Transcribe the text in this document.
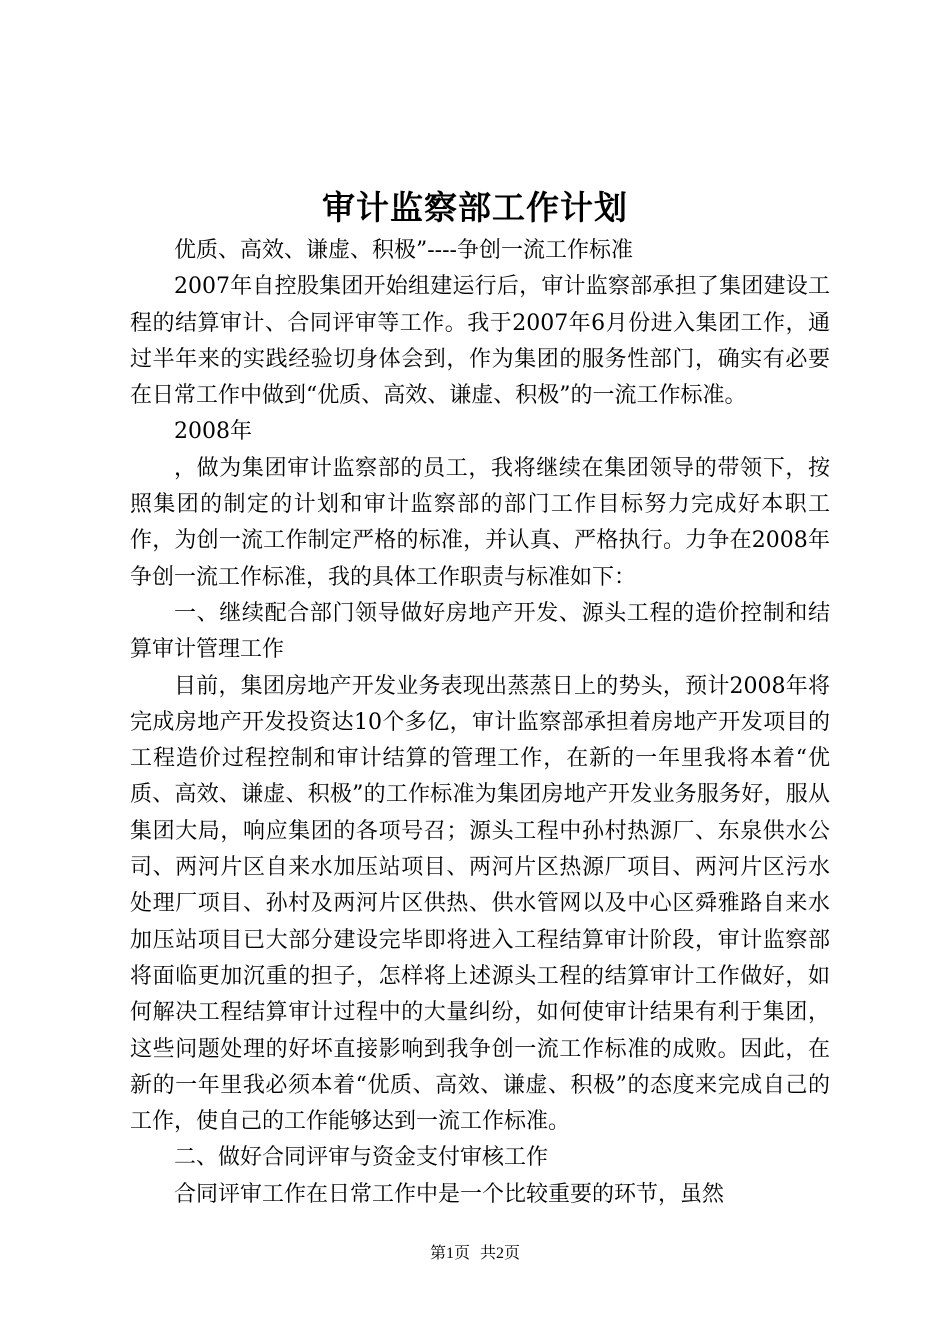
审计监察部工作计划

优质、高效、谦虚、积极”----争创一流工作标准

2007年自控股集团开始组建运行后，审计监察部承担了集团建设工程的结算审计、合同评审等工作。我于2007年6月份进入集团工作，通过半年来的实践经验切身体会到，作为集团的服务性部门，确实有必要在日常工作中做到“优质、高效、谦虚、积极”的一流工作标准。

2008年

，做为集团审计监察部的员工，我将继续在集团领导的带领下，按照集团的制定的计划和审计监察部的部门工作目标努力完成好本职工作，为创一流工作制定严格的标准，并认真、严格执行。力争在2008年争创一流工作标准，我的具体工作职责与标准如下：

一、继续配合部门领导做好房地产开发、源头工程的造价控制和结算审计管理工作

目前，集团房地产开发业务表现出蒸蒸日上的势头，预计2008年将完成房地产开发投资达10个多亿，审计监察部承担着房地产开发项目的工程造价过程控制和审计结算的管理工作，在新的一年里我将本着“优质、高效、谦虚、积极”的工作标准为集团房地产开发业务服务好，服从集团大局，响应集团的各项号召；源头工程中孙村热源厂、东泉供水公司、两河片区自来水加压站项目、两河片区热源厂项目、两河片区污水处理厂项目、孙村及两河片区供热、供水管网以及中心区舜雅路自来水加压站项目已大部分建设完毕即将进入工程结算审计阶段，审计监察部将面临更加沉重的担子，怎样将上述源头工程的结算审计工作做好，如何解决工程结算审计过程中的大量纠纷，如何使审计结果有利于集团，这些问题处理的好坏直接影响到我争创一流工作标准的成败。因此，在新的一年里我必须本着“优质、高效、谦虚、积极”的态度来完成自己的工作，使自己的工作能够达到一流工作标准。

二、做好合同评审与资金支付审核工作

合同评审工作在日常工作中是一个比较重要的环节，虽然

第1页 共2页
